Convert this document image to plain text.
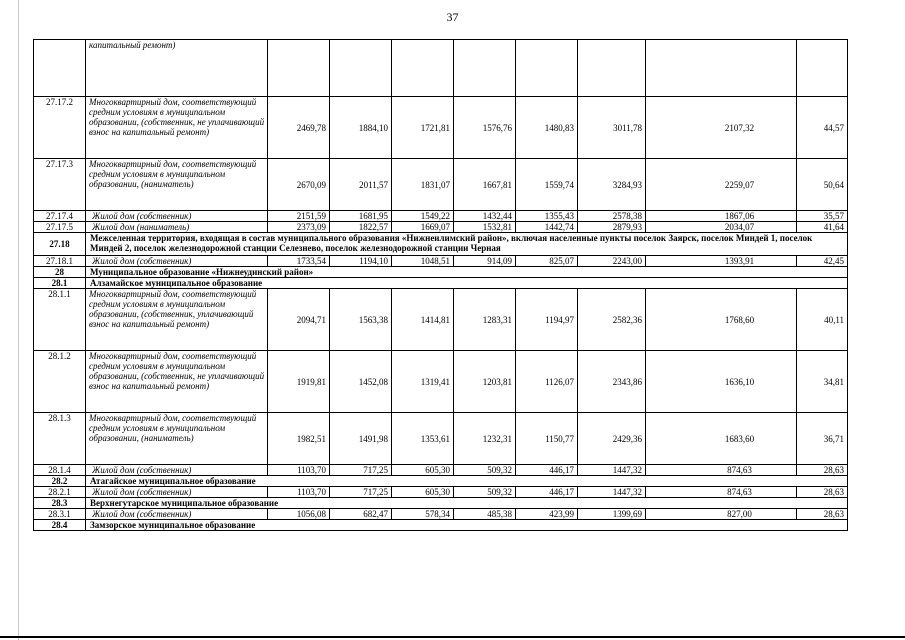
37
	капитальный ремонт)								
27.17.2	Многоквартирный дом, соответствующий средним условиям в муниципальном образовании, (собственник, не уплачивающий взнос на капитальный ремонт)	2469,78	1884,10	1721,81	1576,76	1480,83	3011,78	2107,32	44,57
27.17.3	Многоквартирный дом, соответствующий средним условиям в муниципальном образовании, (наниматель)	2670,09	2011,57	1831,07	1667,81	1559,74	3284,93	2259,07	50,64
27.17.4	Жилой дом (собственник)	2151,59	1681,95	1549,22	1432,44	1355,43	2578,38	1867,06	35,57
27.17.5	Жилой дом (наниматель)	2373,09	1822,57	1669,07	1532,81	1442,74	2879,93	2034,07	41,64
27.18	Межселенная территория, входящая в состав муниципального образования «Нижнеилимский район», включая населенные пункты поселок Заярск, поселок Миндей 1, поселок Миндей 2, поселок железнодорожной станции Селезнево, поселок железнодорожной станции Черная								
27.18.1	Жилой дом (собственник)	1733,54	1194,10	1048,51	914,09	825,07	2243,00	1393,91	42,45
28	Муниципальное образование «Нижнеудинский район»								
28.1	Алзамайское муниципальное образование								
28.1.1	Многоквартирный дом, соответствующий средним условиям в муниципальном образовании, (собственник, уплачивающий взнос на капитальный ремонт)	2094,71	1563,38	1414,81	1283,31	1194,97	2582,36	1768,60	40,11
28.1.2	Многоквартирный дом, соответствующий средним условиям в муниципальном образовании, (собственник, не уплачивающий взнос на капитальный ремонт)	1919,81	1452,08	1319,41	1203,81	1126,07	2343,86	1636,10	34,81
28.1.3	Многоквартирный дом, соответствующий средним условиям в муниципальном образовании, (наниматель)	1982,51	1491,98	1353,61	1232,31	1150,77	2429,36	1683,60	36,71
28.1.4	Жилой дом (собственник)	1103,70	717,25	605,30	509,32	446,17	1447,32	874,63	28,63
28.2	Атагайское муниципальное образование								
28.2.1	Жилой дом (собственник)	1103,70	717,25	605,30	509,32	446,17	1447,32	874,63	28,63
28.3	Верхнегутарское муниципальное образование								
28.3.1	Жилой дом (собственник)	1056,08	682,47	578,34	485,38	423,99	1399,69	827,00	28,63
28.4	Замзорское муниципальное образование								
